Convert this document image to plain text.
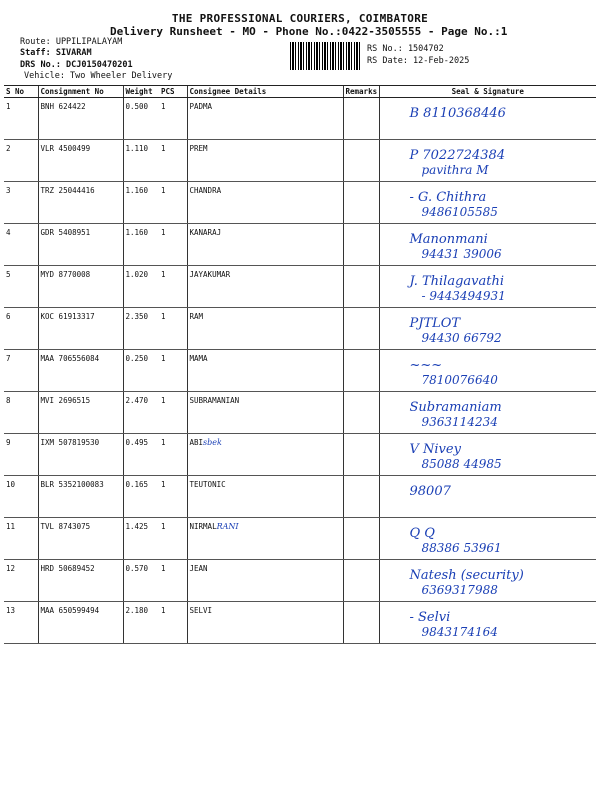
THE PROFESSIONAL COURIERS, COIMBATORE
Delivery Runsheet - MO - Phone No.:0422-3505555 - Page No.:1
Route: UPPILIPALAYAM
Staff: SIVARAM
DRS No.: DCJ0150470201
Vehicle: Two Wheeler Delivery
RS No.: 1504702
RS Date: 12-Feb-2025
S No	Consignment No	Weight	PCS	Consignee Details	Remarks	Seal & Signature
1	BNH 624422	0.500	1	PADMA		B 8110368446

2	VLR 4500499	1.110	1	PREM		P 7022724384
pavithra M

3	TRZ 25044416	1.160	1	CHANDRA		- G. Chithra
9486105585

4	GDR 5408951	1.160	1	KANARAJ		Manonmani
94431 39006

5	MYD 8770008	1.020	1	JAYAKUMAR		J. Thilagavathi
- 9443494931

6	KOC 61913317	2.350	1	RAM		PJTLOT
94430 66792

7	MAA 706556084	0.250	1	MAMA		~~~
7810076640

8	MVI 2696515	2.470	1	SUBRAMANIAN		Subramaniam
9363114234

9	IXM 507819530	0.495	1	ABIsbek		V Nivey
85088 44985

10	BLR 5352100083	0.165	1	TEUTONIC		98007

11	TVL 8743075	1.425	1	NIRMALRANI		Q Q
88386 53961

12	HRD 50689452	0.570	1	JEAN		Natesh (security)
6369317988

13	MAA 650599494	2.180	1	SELVI		- Selvi
9843174164
